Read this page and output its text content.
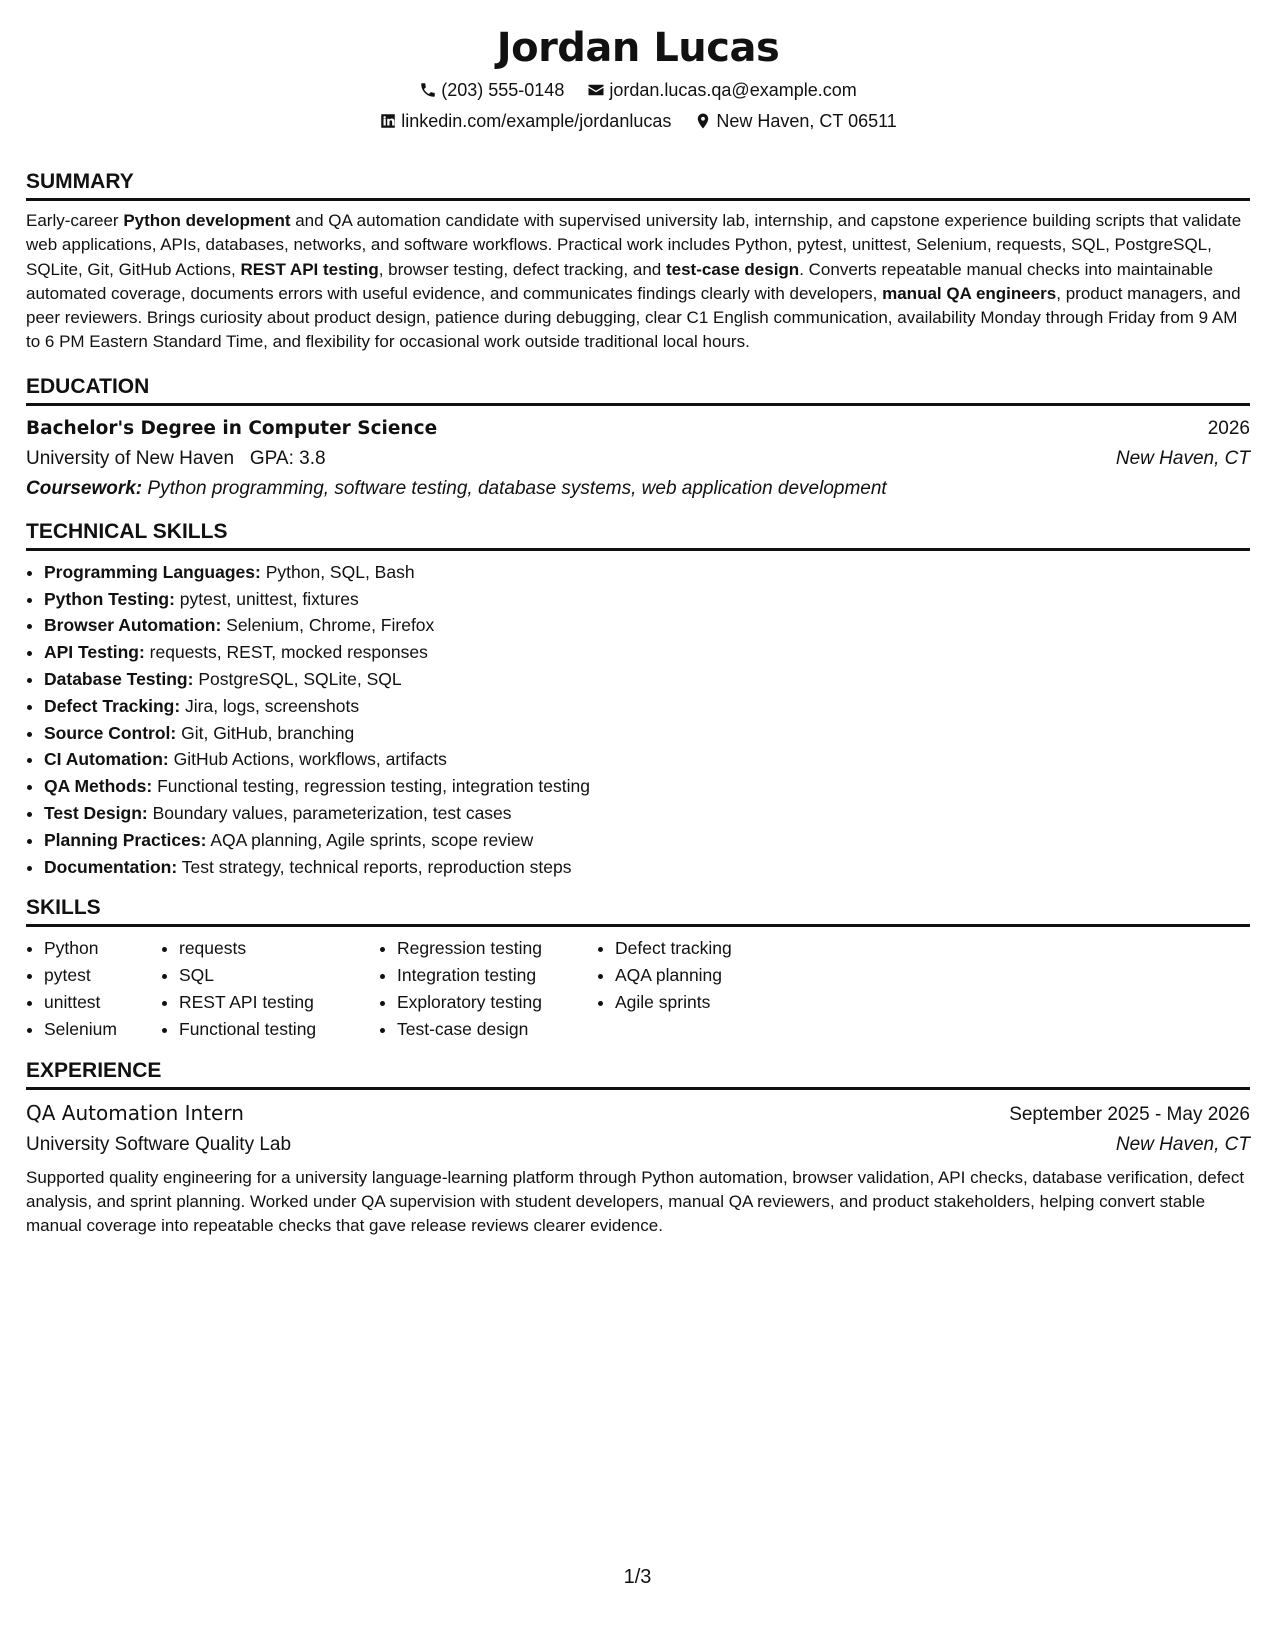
Jordan Lucas

(203) 555-0148
	jordan.lucas.qa@example.com

linkedin.com/example/jordanlucas
	New Haven, CT 06511

SUMMARY

Early-career Python development and QA automation candidate with supervised university lab, internship, and capstone experience building scripts that validate web applications, APIs, databases, networks, and software workflows. Practical work includes Python, pytest, unittest, Selenium, requests, SQL, PostgreSQL, SQLite, Git, GitHub Actions, REST API testing, browser testing, defect tracking, and test-case design. Converts repeatable manual checks into maintainable automated coverage, documents errors with useful evidence, and communicates findings clearly with developers, manual QA engineers, product managers, and peer reviewers. Brings curiosity about product design, patience during debugging, clear C1 English communication, availability Monday through Friday from 9 AM to 6 PM Eastern Standard Time, and flexibility for occasional work outside traditional local hours.

EDUCATION
Bachelor's Degree in Computer Science	2026
University of New Haven GPA: 3.8	New Haven, CT

Coursework: Python programming, software testing, database systems, web application development

TECHNICAL SKILLS
• Programming Languages: Python, SQL, Bash
• Python Testing: pytest, unittest, fixtures
• Browser Automation: Selenium, Chrome, Firefox
• API Testing: requests, REST, mocked responses
• Database Testing: PostgreSQL, SQLite, SQL
• Defect Tracking: Jira, logs, screenshots
• Source Control: Git, GitHub, branching
• CI Automation: GitHub Actions, workflows, artifacts
• QA Methods: Functional testing, regression testing, integration testing
• Test Design: Boundary values, parameterization, test cases
• Planning Practices: AQA planning, Agile sprints, scope review
• Documentation: Test strategy, technical reports, reproduction steps
SKILLS
• Python
• pytest
• unittest
• Selenium
• requests
• SQL
• REST API testing
• Functional testing
• Regression testing
• Integration testing
• Exploratory testing
• Test-case design
• Defect tracking
• AQA planning
• Agile sprints
EXPERIENCE
QA Automation Intern	September 2025 - May 2026
University Software Quality Lab	New Haven, CT

Supported quality engineering for a university language-learning platform through Python automation, browser validation, API checks, database verification, defect analysis, and sprint planning. Worked under QA supervision with student developers, manual QA reviewers, and product stakeholders, helping convert stable manual coverage into repeatable checks that gave release reviews clearer evidence.

1/3
